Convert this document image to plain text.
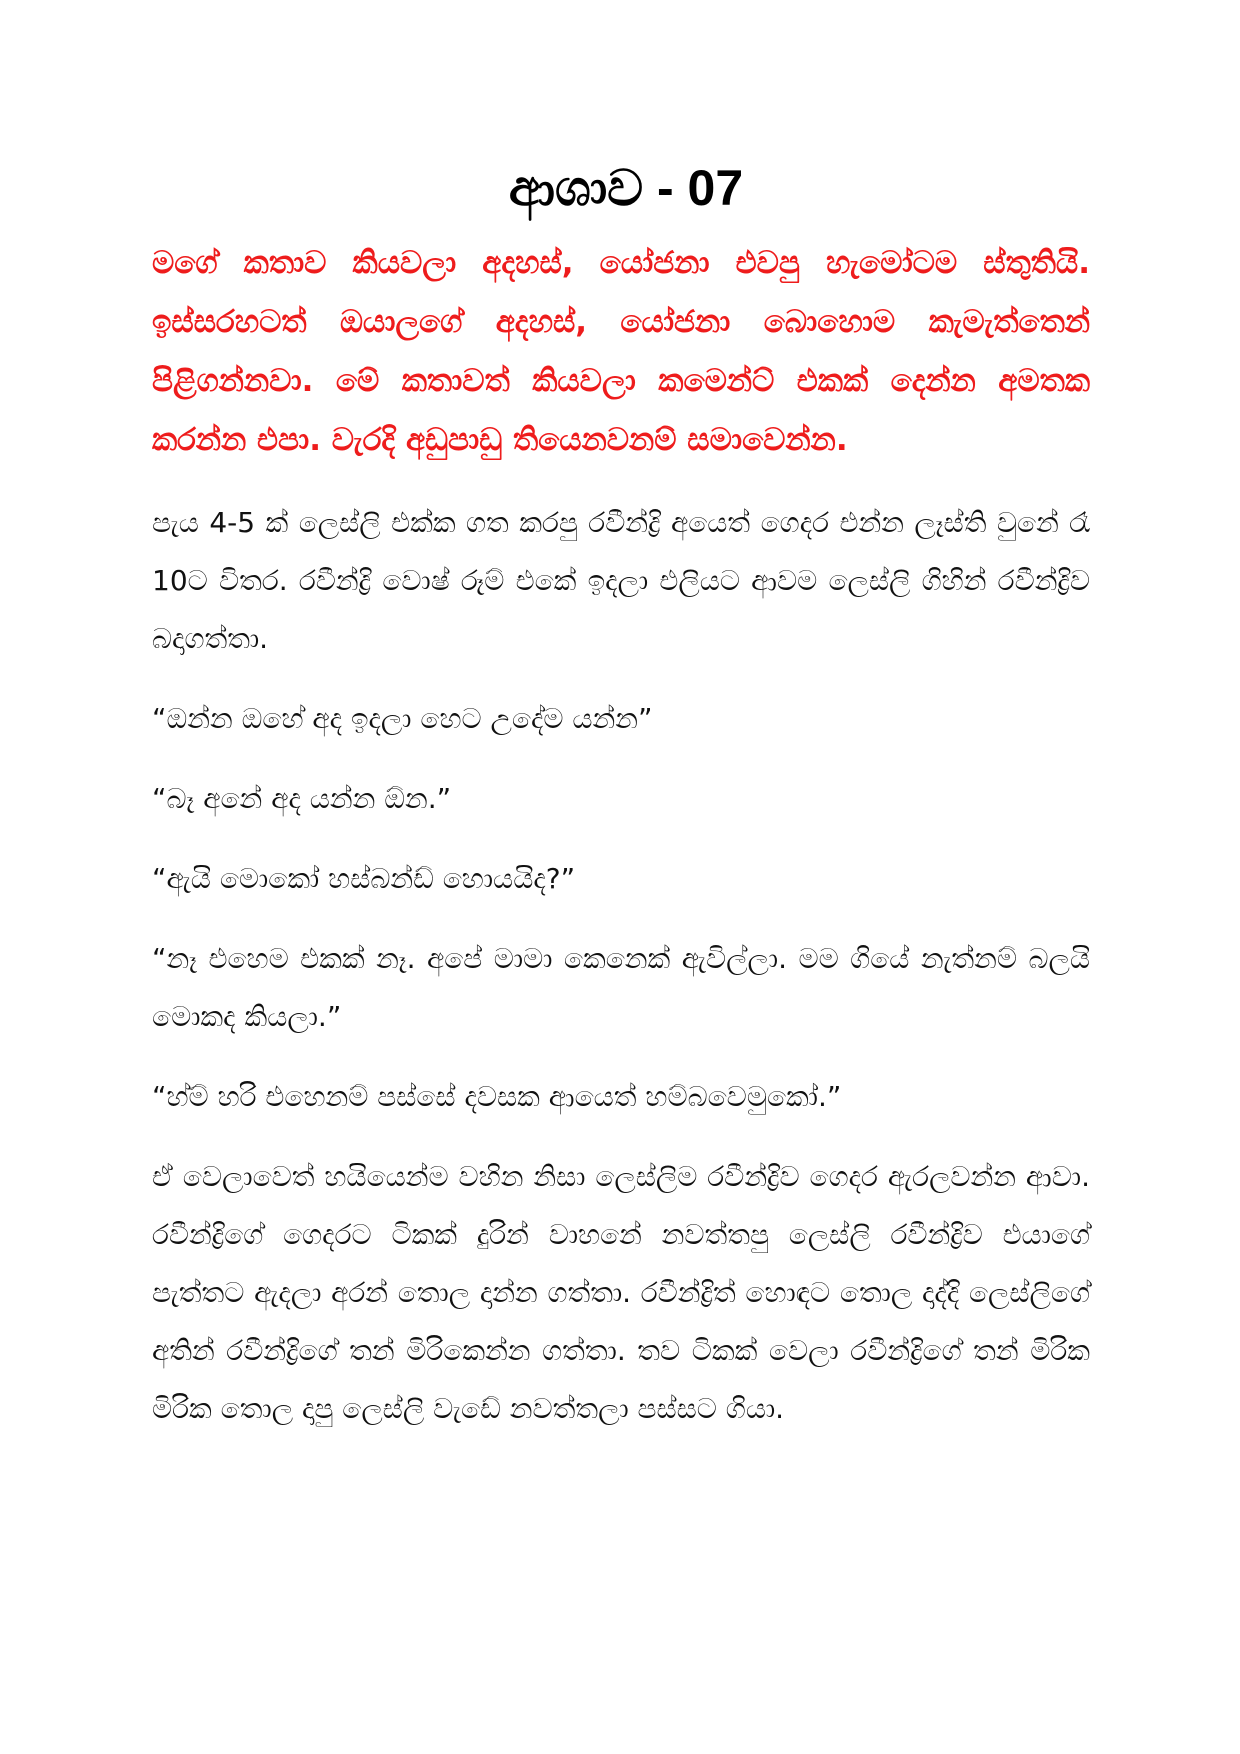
ආශාව - 07

මගේ කතාව කියවලා අදහස්, යෝජනා එවපු හැමෝටම ස්තුතියි. ඉස්සරහටත් ඔයාලගේ අදහස්, යෝජනා බොහොම කැමැත්තෙන් පිළිගන්නවා. මේ කතාවත් කියවලා කමෙන්ට් එකක් දෙන්න අමතක කරන්න එපා. වැරදි අඩුපාඩු තියෙනවනම් සමාවෙන්න.

පැය 4-5 ක් ලෙස්ලි එක්ක ගත කරපු රවීන්ද්‍රි අයෙත් ගෙදර එන්න ලෑස්ති වුනේ රෑ 10ට විතර. රවීන්ද්‍රි වොෂ් රූම් එකේ ඉදලා එලියට ආවම ලෙස්ලි ගිහින් රවීන්ද්‍රිව බදාගත්තා.

“ඔන්න ඔහේ අද ඉදලා හෙට උදේම යන්න”

“බෑ අනේ අද යන්න ඕන.”

“ඇයි මොකෝ හස්බන්ඩ් හොයයිද?”

“නෑ එහෙම එකක් නෑ. අපේ මාමා කෙනෙක් ඇවිල්ලා. මම ගියේ නැත්නම් බලයි මොකද කියලා.”

“හ්ම් හරි එහෙනම් පස්සේ දවසක ආයෙත් හම්බවෙමුකෝ.”

ඒ වෙලාවෙත් හයියෙන්ම වහින නිසා ලෙස්ලිම රවීන්ද්‍රිව ගෙදර ඇරලවන්න ආවා. රවීන්ද්‍රිගේ ගෙදරට ටිකක් දුරින් වාහනේ නවත්තපු ලෙස්ලි රවීන්ද්‍රිව එයාගේ පැත්තට ඇදලා අරන් තොල දාන්න ගත්තා. රවීන්ද්‍රිත් හොඳට තොල දාද්දි ලෙස්ලිගේ අතින් රවීන්ද්‍රිගේ තන් මිරිකෙන්න ගත්තා. තව ටිකක් වෙලා රවීන්ද්‍රිගේ තන් මිරික මිරික තොල දාපු ලෙස්ලි වැඩේ නවත්තලා පස්සට ගියා.
